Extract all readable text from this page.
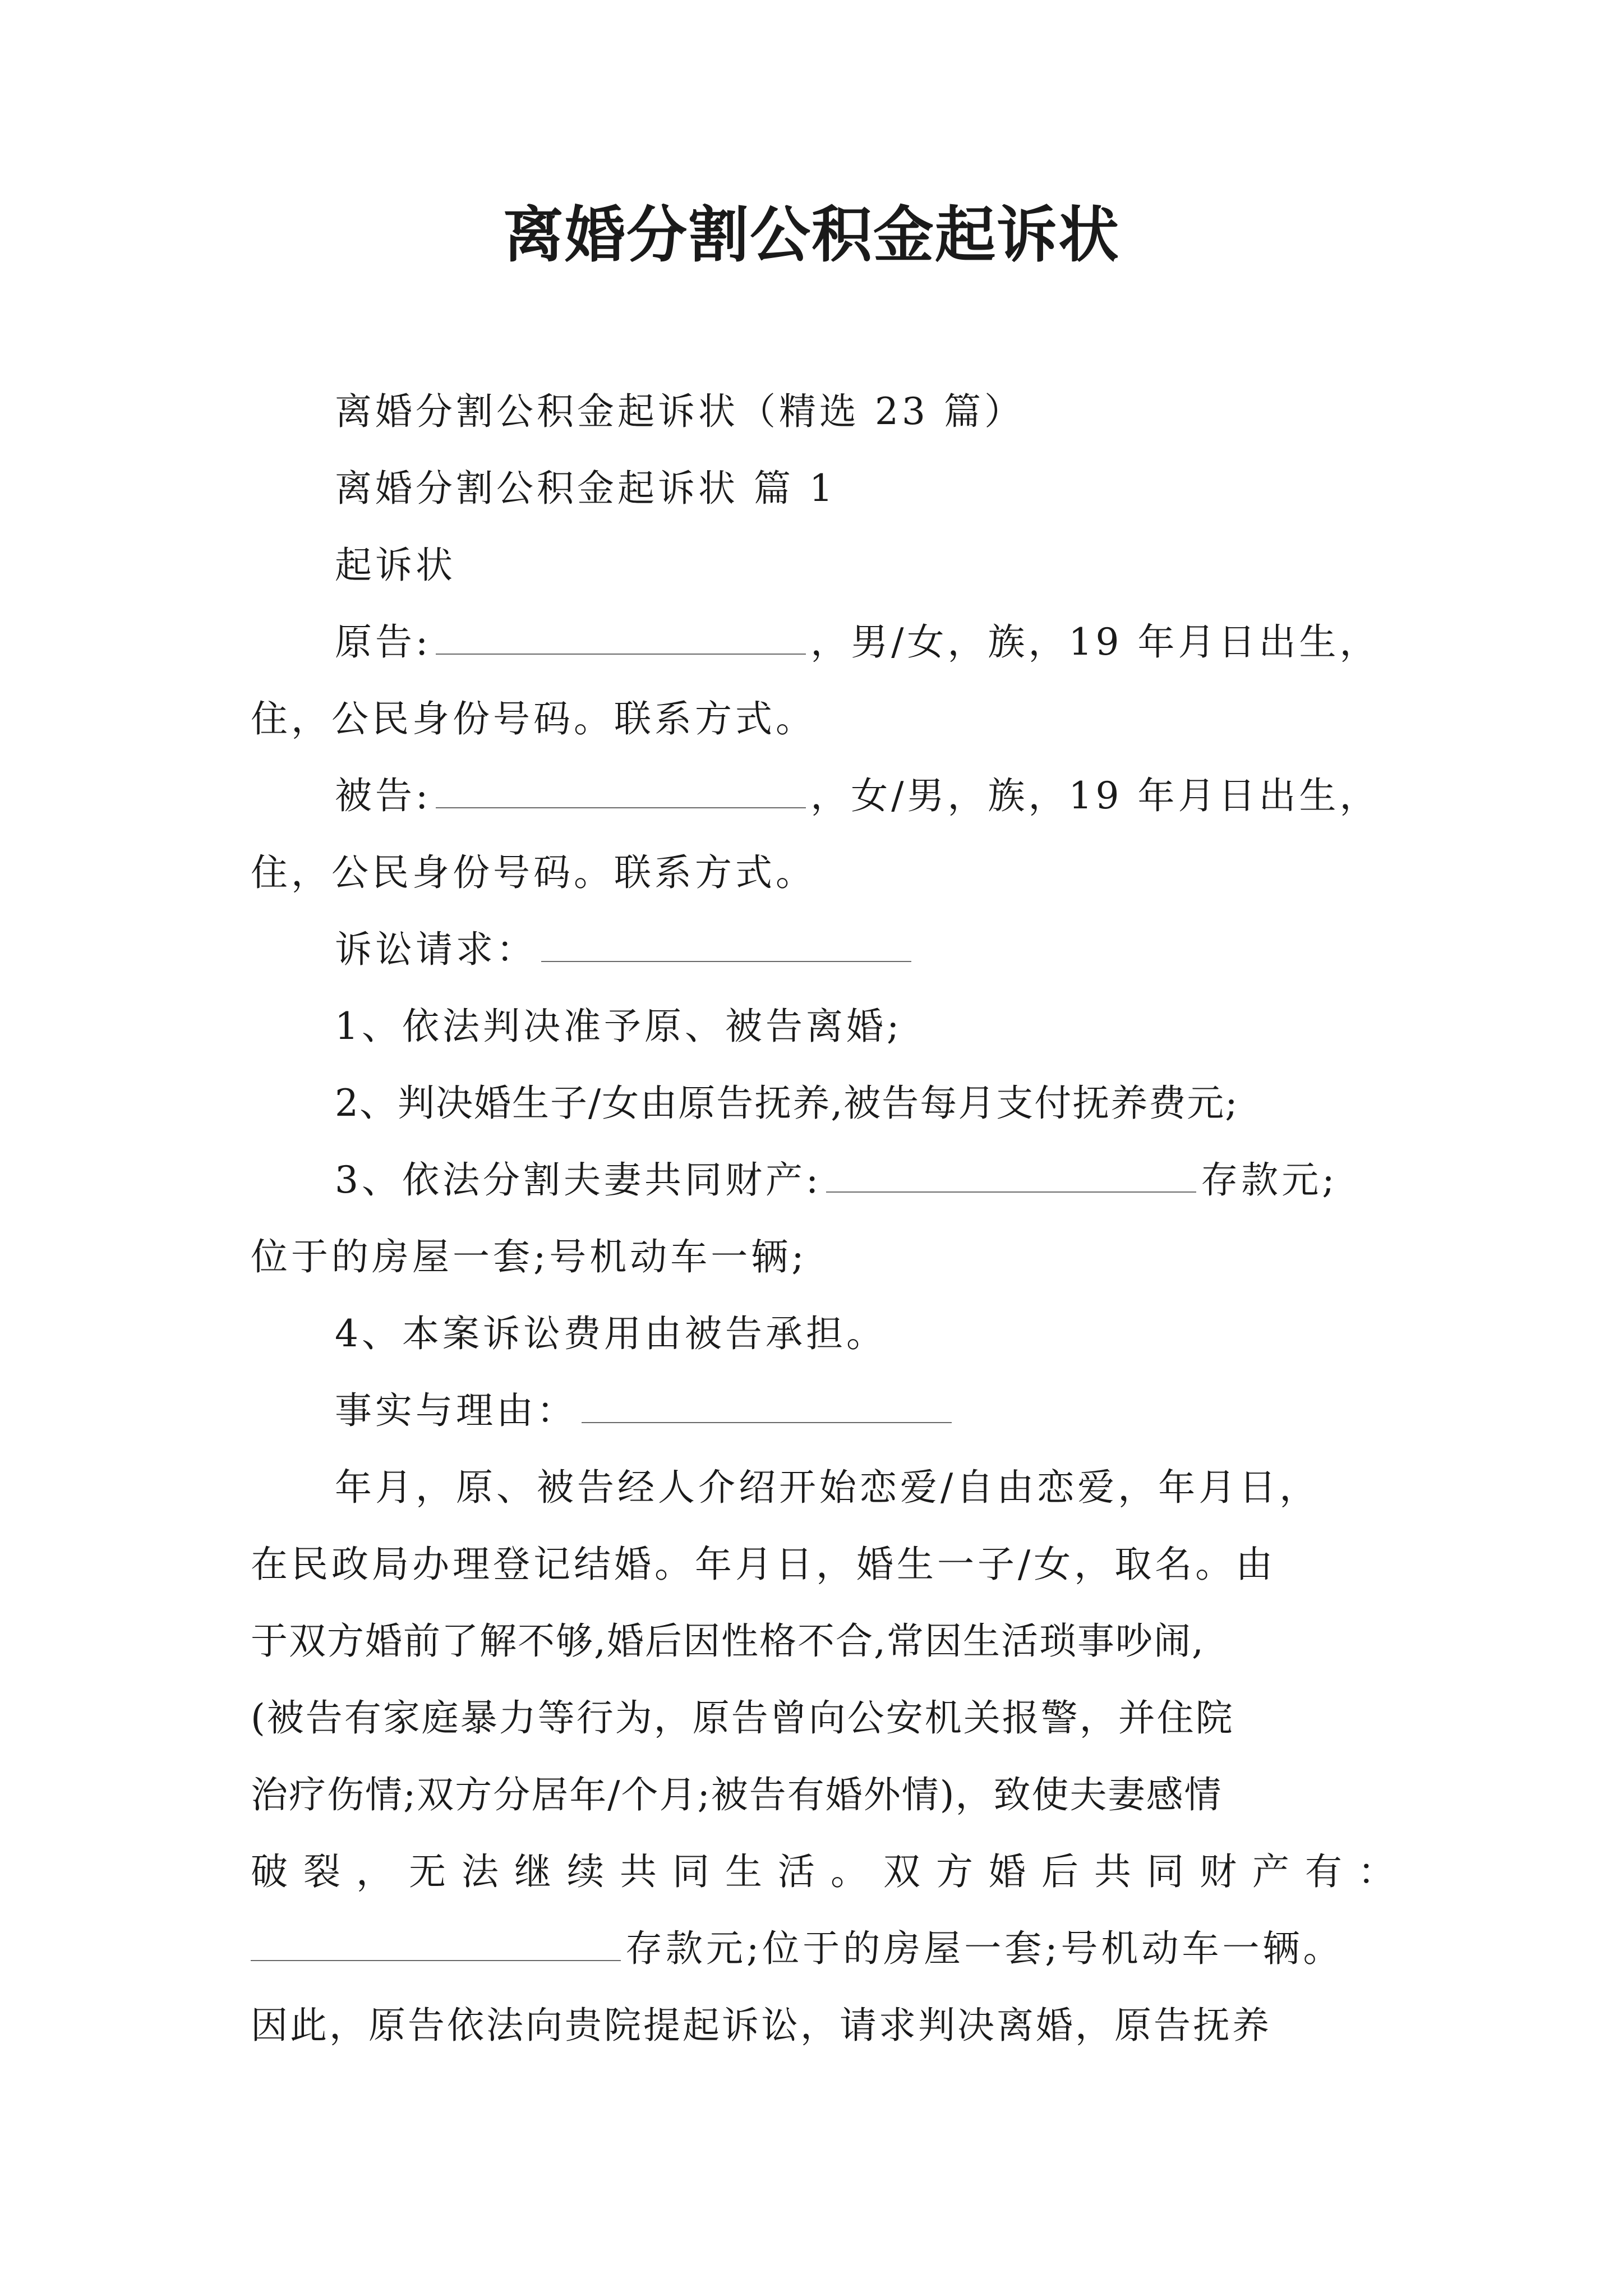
离婚分割公积金起诉状
离婚分割公积金起诉状（精选 23 篇）
离婚分割公积金起诉状 篇 1
起诉状
原告:	，男/女，族，19 年月日出生，
住，公民身份号码。联系方式。
被告:	，女/男，族，19 年月日出生，
住，公民身份号码。联系方式。
诉讼请求：
1、依法判决准予原、被告离婚;
2、判决婚生子/女由原告抚养,被告每月支付抚养费元;
3、依法分割夫妻共同财产:	存款元;
位于的房屋一套;号机动车一辆;
4、本案诉讼费用由被告承担。
事实与理由：
年月，原、被告经人介绍开始恋爱/自由恋爱，年月日，
在民政局办理登记结婚。年月日，婚生一子/女，取名。由
于双方婚前了解不够,婚后因性格不合,常因生活琐事吵闹,
(被告有家庭暴力等行为，原告曾向公安机关报警，并住院
治疗伤情;双方分居年/个月;被告有婚外情)，致使夫妻感情
破裂，无法继续共同生活。双方婚后共同财产有：
存款元;位于的房屋一套;号机动车一辆。
因此，原告依法向贵院提起诉讼，请求判决离婚，原告抚养
